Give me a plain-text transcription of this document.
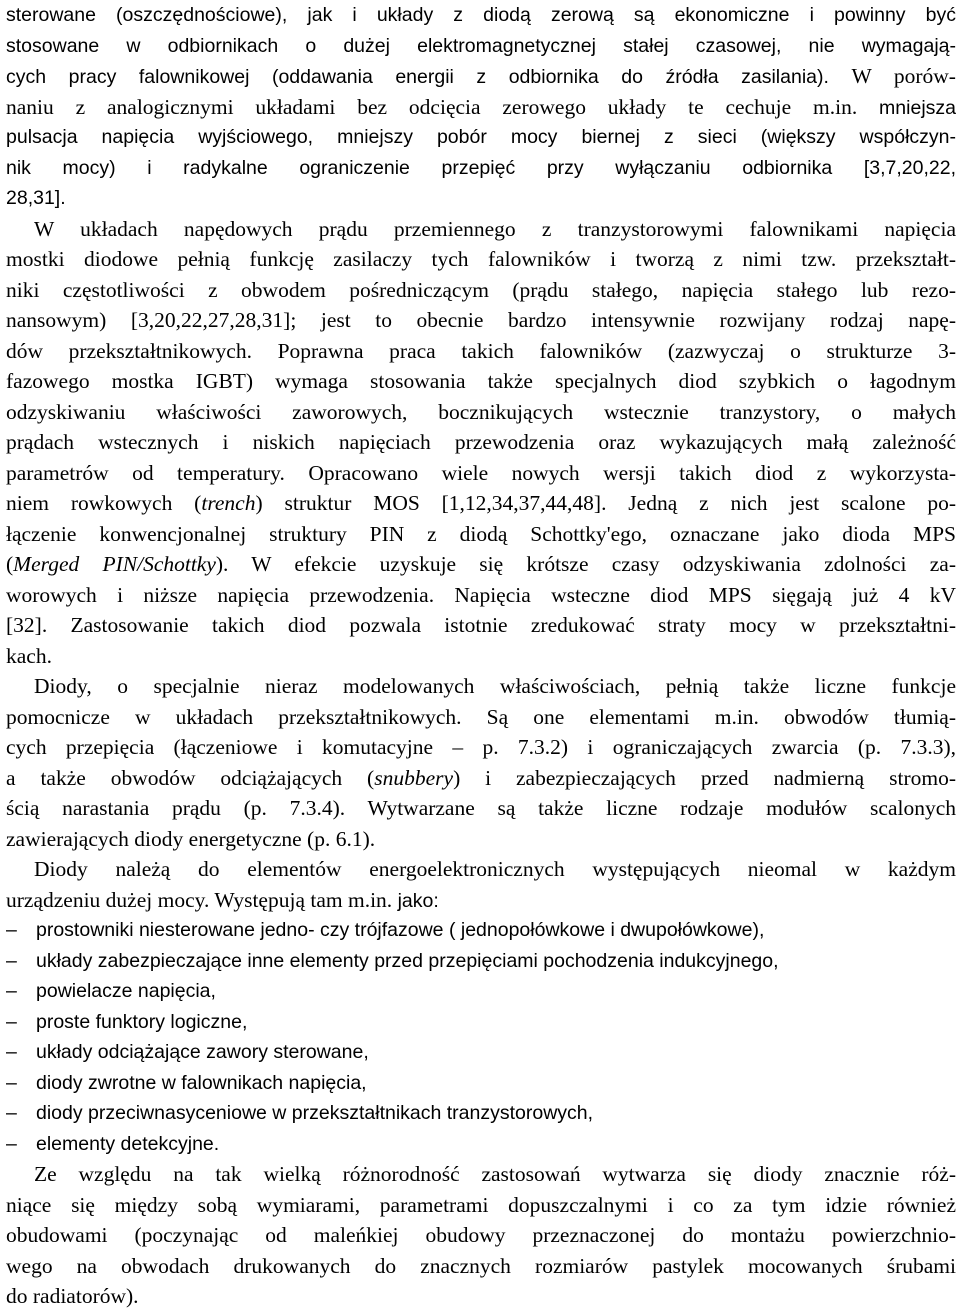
sterowane (oszczędnościowe), jak i układy z diodą zerową są ekonomiczne i powinny być
stosowane w odbiornikach o dużej elektromagnetycznej stałej czasowej, nie wymagają-
cych pracy falownikowej (oddawania energii z odbiornika do źródła zasilania). W porów-
naniu z analogicznymi układami bez odcięcia zerowego układy te cechuje m.in. mniejsza
pulsacja napięcia wyjściowego, mniejszy pobór mocy biernej z sieci (większy współczyn-
nik mocy) i radykalne ograniczenie przepięć przy wyłączaniu odbiornika [3,7,20,22,
28,31].
W układach napędowych prądu przemiennego z tranzystorowymi falownikami napięcia
mostki diodowe pełnią funkcję zasilaczy tych falowników i tworzą z nimi tzw. przekształt-
niki częstotliwości z obwodem pośredniczącym (prądu stałego, napięcia stałego lub rezo-
nansowym) [3,20,22,27,28,31]; jest to obecnie bardzo intensywnie rozwijany rodzaj napę-
dów przekształtnikowych. Poprawna praca takich falowników (zazwyczaj o strukturze 3-
fazowego mostka IGBT) wymaga stosowania także specjalnych diod szybkich o łagodnym
odzyskiwaniu właściwości zaworowych, bocznikujących wstecznie tranzystory, o małych
prądach wstecznych i niskich napięciach przewodzenia oraz wykazujących małą zależność
parametrów od temperatury. Opracowano wiele nowych wersji takich diod z wykorzysta-
niem rowkowych (trench) struktur MOS [1,12,34,37,44,48]. Jedną z nich jest scalone po-
łączenie konwencjonalnej struktury PIN z diodą Schottky'ego, oznaczane jako dioda MPS
(Merged PIN/Schottky). W efekcie uzyskuje się krótsze czasy odzyskiwania zdolności za-
worowych i niższe napięcia przewodzenia. Napięcia wsteczne diod MPS sięgają już 4 kV
[32]. Zastosowanie takich diod pozwala istotnie zredukować straty mocy w przekształtni-
kach.
Diody, o specjalnie nieraz modelowanych właściwościach, pełnią także liczne funkcje
pomocnicze w układach przekształtnikowych. Są one elementami m.in. obwodów tłumią-
cych przepięcia (łączeniowe i komutacyjne – p. 7.3.2) i ograniczających zwarcia (p. 7.3.3),
a także obwodów odciążających (snubbery) i zabezpieczających przed nadmierną stromo-
ścią narastania prądu (p. 7.3.4). Wytwarzane są także liczne rodzaje modułów scalonych
zawierających diody energetyczne (p. 6.1).
Diody należą do elementów energoelektronicznych występujących nieomal w każdym
urządzeniu dużej mocy. Występują tam m.in. jako:
– prostowniki niesterowane jedno- czy trójfazowe ( jednopołówkowe i dwupołówkowe),
– układy zabezpieczające inne elementy przed przepięciami pochodzenia indukcyjnego,
– powielacze napięcia,
– proste funktory logiczne,
– układy odciążające zawory sterowane,
– diody zwrotne w falownikach napięcia,
– diody przeciwnasyceniowe w przekształtnikach tranzystorowych,
– elementy detekcyjne.
Ze względu na tak wielką różnorodność zastosowań wytwarza się diody znacznie róż-
niące się między sobą wymiarami, parametrami dopuszczalnymi i co za tym idzie również
obudowami (poczynając od maleńkiej obudowy przeznaczonej do montażu powierzchnio-
wego na obwodach drukowanych do znacznych rozmiarów pastylek mocowanych śrubami
do radiatorów).
